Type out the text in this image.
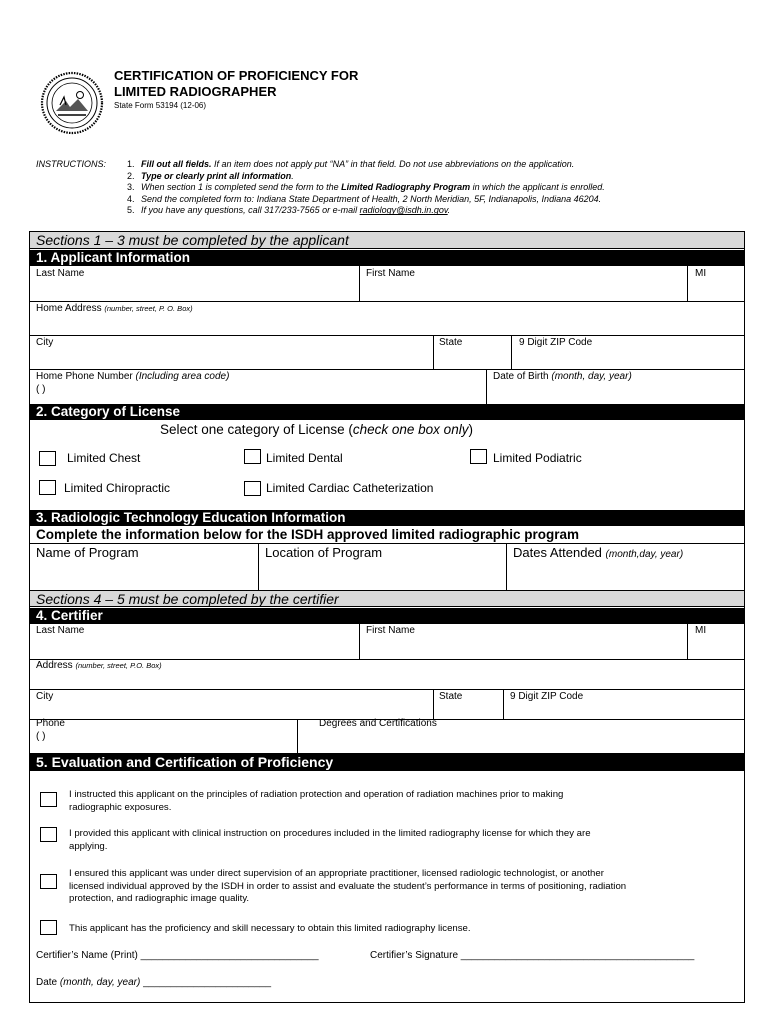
CERTIFICATION OF PROFICIENCY FOR
LIMITED RADIOGRAPHER
State Form 53194 (12-06)
INSTRUCTIONS: 1. Fill out all fields. If an item does not apply put “NA” in that field. Do not use abbreviations on the application.
2. Type or clearly print all information.
3. When section 1 is completed send the form to the Limited Radiography Program in which the applicant is enrolled.
4. Send the completed form to: Indiana State Department of Health, 2 North Meridian, 5F, Indianapolis, Indiana 46204.
5. If you have any questions, call 317/233-7565 or e-mail radiology@isdh.in.gov.
Sections 1 – 3 must be completed by the applicant
1. Applicant Information
Last Name	First Name	MI
Home Address (number, street, P. O. Box)
City	State	9 Digit ZIP Code
Home Phone Number (Including area code)
( )
Date of Birth (month, day, year)
2. Category of License
Select one category of License (check one box only)
Limited Chest	Limited Dental	Limited Podiatric
Limited Chiropractic	Limited Cardiac Catheterization
3. Radiologic Technology Education Information
Complete the information below for the ISDH approved limited radiographic program
Name of Program	Location of Program	Dates Attended (month,day, year)
Sections 4 – 5 must be completed by the certifier
4. Certifier
Last Name	First Name	MI
Address (number, street, P.O. Box)
City	State	9 Digit ZIP Code
Phone
( )
Degrees and Certifications
5. Evaluation and Certification of Proficiency
I instructed this applicant on the principles of radiation protection and operation of radiation machines prior to making
radiographic exposures.
I provided this applicant with clinical instruction on procedures included in the limited radiography license for which they are
applying.
I ensured this applicant was under direct supervision of an appropriate practitioner, licensed radiologic technologist, or another
licensed individual approved by the ISDH in order to assist and evaluate the student’s performance in terms of positioning, radiation
protection, and radiographic image quality.
This applicant has the proficiency and skill necessary to obtain this limited radiography license.
Certifier’s Name (Print) ________________________________	Certifier’s Signature __________________________________________
Date (month, day, year) _______________________
